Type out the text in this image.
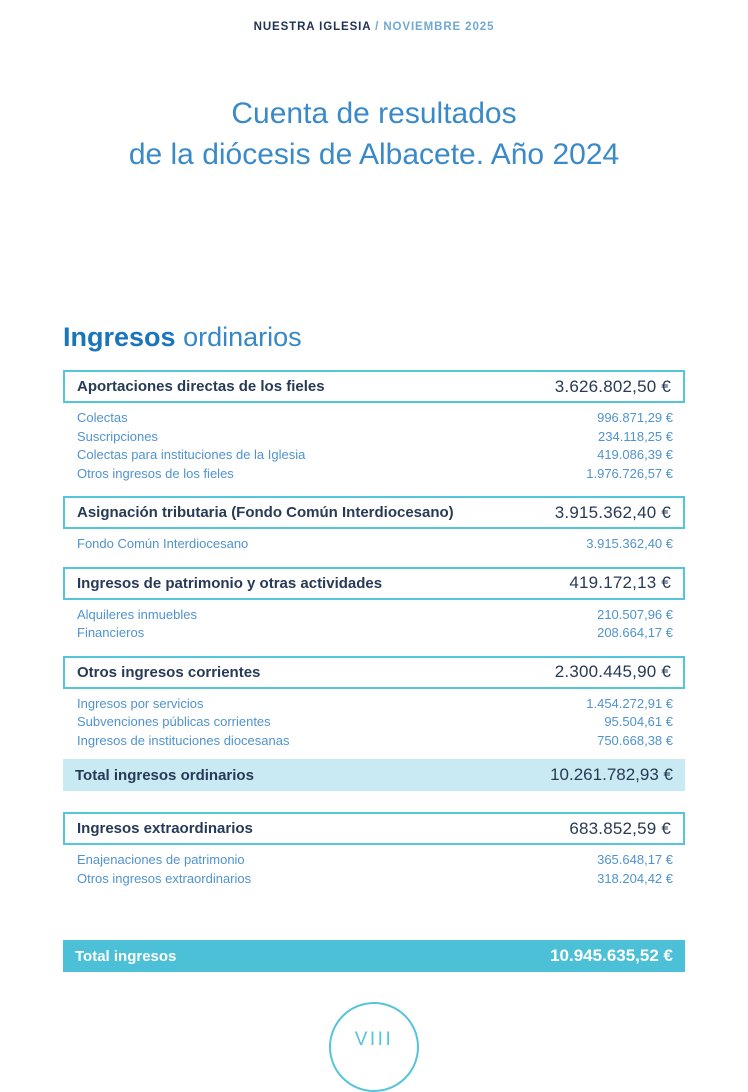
NUESTRA IGLESIA / NOVIEMBRE 2025
Cuenta de resultados
de la diócesis de Albacete. Año 2024
Ingresos ordinarios
Aportaciones directas de los fieles	3.626.802,50 €
Colectas	996.871,29 €
Suscripciones	234.118,25 €
Colectas para instituciones de la Iglesia	419.086,39 €
Otros ingresos de los fieles	1.976.726,57 €
Asignación tributaria (Fondo Común Interdiocesano)	3.915.362,40 €
Fondo Común Interdiocesano	3.915.362,40 €
Ingresos de patrimonio y otras actividades	419.172,13 €
Alquileres inmuebles	210.507,96 €
Financieros	208.664,17 €
Otros ingresos corrientes	2.300.445,90 €
Ingresos por servicios	1.454.272,91 €
Subvenciones públicas corrientes	95.504,61 €
Ingresos de instituciones diocesanas	750.668,38 €
Total ingresos ordinarios	10.261.782,93 €
Ingresos extraordinarios	683.852,59 €
Enajenaciones de patrimonio	365.648,17 €
Otros ingresos extraordinarios	318.204,42 €
Total ingresos	10.945.635,52 €
VIII
